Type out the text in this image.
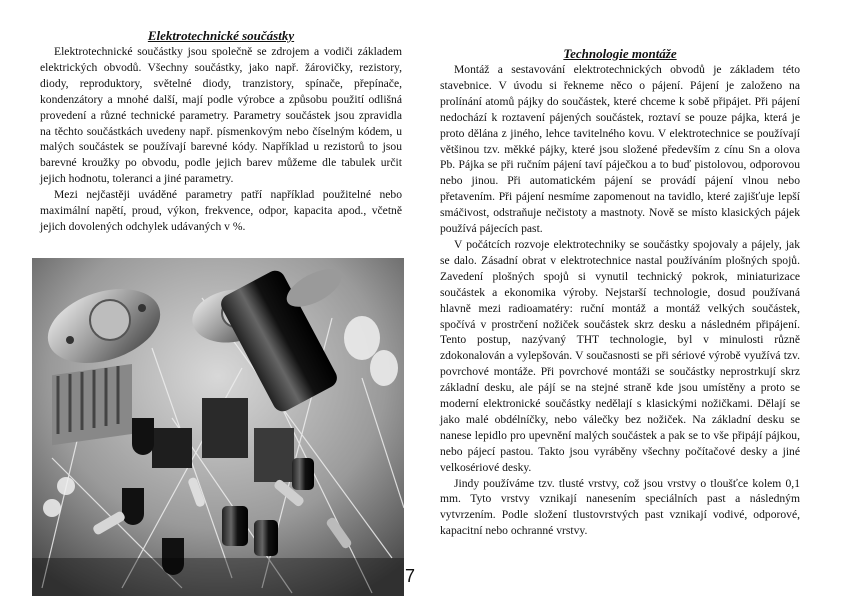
Elektrotechnické součástky

Elektrotechnické součástky jsou společně se zdrojem a vodiči základem elektrických obvodů. Všechny součástky, jako např. žárovičky, rezistory, diody, reproduktory, světelné diody, tranzistory, spínače, přepínače, kondenzátory a mnohé další, mají podle výrobce a způsobu použití odlišná provedení a různé technické parametry. Parametry součástek jsou zpravidla na těchto součástkách uvedeny např. písmenkovým nebo číselným kódem, u malých součástek se používají barevné kódy. Například u rezistorů to jsou barevné kroužky po obvodu, podle jejich barev můžeme dle tabulek určit jejich hodnotu, toleranci a jiné parametry.

Mezi nejčastěji uváděné parametry patří například použitelné nebo maximální napětí, proud, výkon, frekvence, odpor, kapacita apod., včetně jejich dovolených odchylek udávaných v %.

Technologie montáže

Montáž a sestavování elektrotechnických obvodů je základem této stavebnice. V úvodu si řekneme něco o pájení. Pájení je založeno na prolínání atomů pájky do součástek, které chceme k sobě připájet. Při pájení nedochází k roztavení pájených součástek, roztaví se pouze pájka, která je proto dělána z jiného, lehce tavitelného kovu. V elektrotechnice se používají většinou tzv. měkké pájky, které jsou složené především z cínu Sn a olova Pb. Pájka se při ručním pájení taví páječkou a to buď pistolovou, odporovou nebo jinou. Při automatickém pájení se provádí pájení vlnou nebo přetavením. Při pájení nesmíme zapomenout na tavidlo, které zajišťuje lepší smáčivost, odstraňuje nečistoty a mastnoty. Nově se místo klasických pájek používá pájecích past.

V počátcích rozvoje elektrotechniky se součástky spojovaly a pájely, jak se dalo. Zásadní obrat v elektrotechnice nastal používáním plošných spojů. Zavedení plošných spojů si vynutil technický pokrok, miniaturizace součástek a ekonomika výroby. Nejstarší technologie, dosud používaná hlavně mezi radioamatéry: ruční montáž a montáž velkých součástek, spočívá v prostrčení nožiček součástek skrz desku a následném připájení. Tento postup, nazývaný THT technologie, byl v minulosti různě zdokonalován a vylepšován. V současnosti se při sériové výrobě využívá tzv. povrchové montáže. Při povrchové montáži se součástky neprostrkují skrz základní desku, ale pájí se na stejné straně kde jsou umístěny a proto se moderní elektronické součástky nedělají s klasickými nožičkami. Dělají se jako malé obdélníčky, nebo válečky bez nožiček. Na základní desku se nanese lepidlo pro upevnění malých součástek a pak se to vše připájí pájkou, nebo pájecí pastou. Takto jsou vyráběny všechny počítačové desky a jiné velkosériové desky.

Jindy používáme tzv. tlusté vrstvy, což jsou vrstvy o tloušťce kolem 0,1 mm. Tyto vrstvy vznikají nanesením speciálních past a následným vytvrzením. Podle složení tlustovrstvých past vznikají vodivé, odporové, kapacitní nebo ochranné vrstvy.

7
